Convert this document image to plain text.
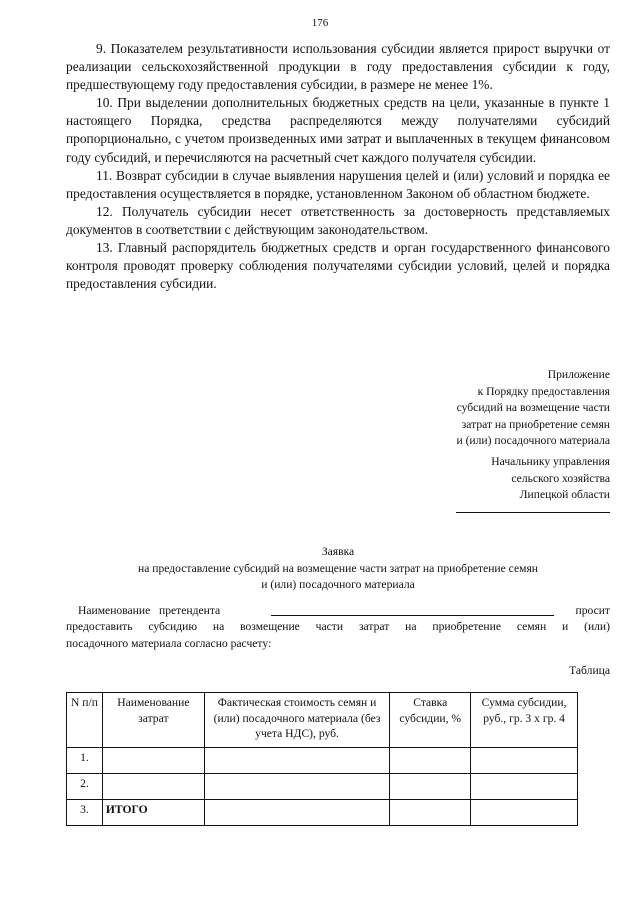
176

9. Показателем результативности использования субсидии является прирост выручки от реализации сельскохозяйственной продукции в году предоставления субсидии к году, предшествующему году предоставления субсидии, в размере не менее 1%.

10. При выделении дополнительных бюджетных средств на цели, указанные в пункте 1 настоящего Порядка, средства распределяются между получателями субсидий пропорционально, с учетом произведенных ими затрат и выплаченных в текущем финансовом году субсидий, и перечисляются на расчетный счет каждого получателя субсидии.

11. Возврат субсидии в случае выявления нарушения целей и (или) условий и порядка ее предоставления осуществляется в порядке, установленном Законом об областном бюджете.

12. Получатель субсидии несет ответственность за достоверность представляемых документов в соответствии с действующим законодательством.

13. Главный распорядитель бюджетных средств и орган государственного финансового контроля проводят проверку соблюдения получателями субсидии условий, целей и порядка предоставления субсидии.

Приложение
к Порядку предоставления
субсидий на возмещение части
затрат на приобретение семян
и (или) посадочного материала
Начальнику управления
сельского хозяйства
Липецкой области
Заявка
на предоставление субсидий на возмещение части затрат на приобретение семян
и (или) посадочного материала
Наименование претендента	просит
предоставить субсидию на возмещение части затрат на приобретение семян и (или)
посадочного материала согласно расчету:
Таблица
N п/п	Наименование затрат	Фактическая стоимость семян и (или) посадочного материала (без учета НДС), руб.	Ставка субсидии, %	Сумма субсидии, руб., гр. 3 x гр. 4
1.				
2.				
3.	ИТОГО			
